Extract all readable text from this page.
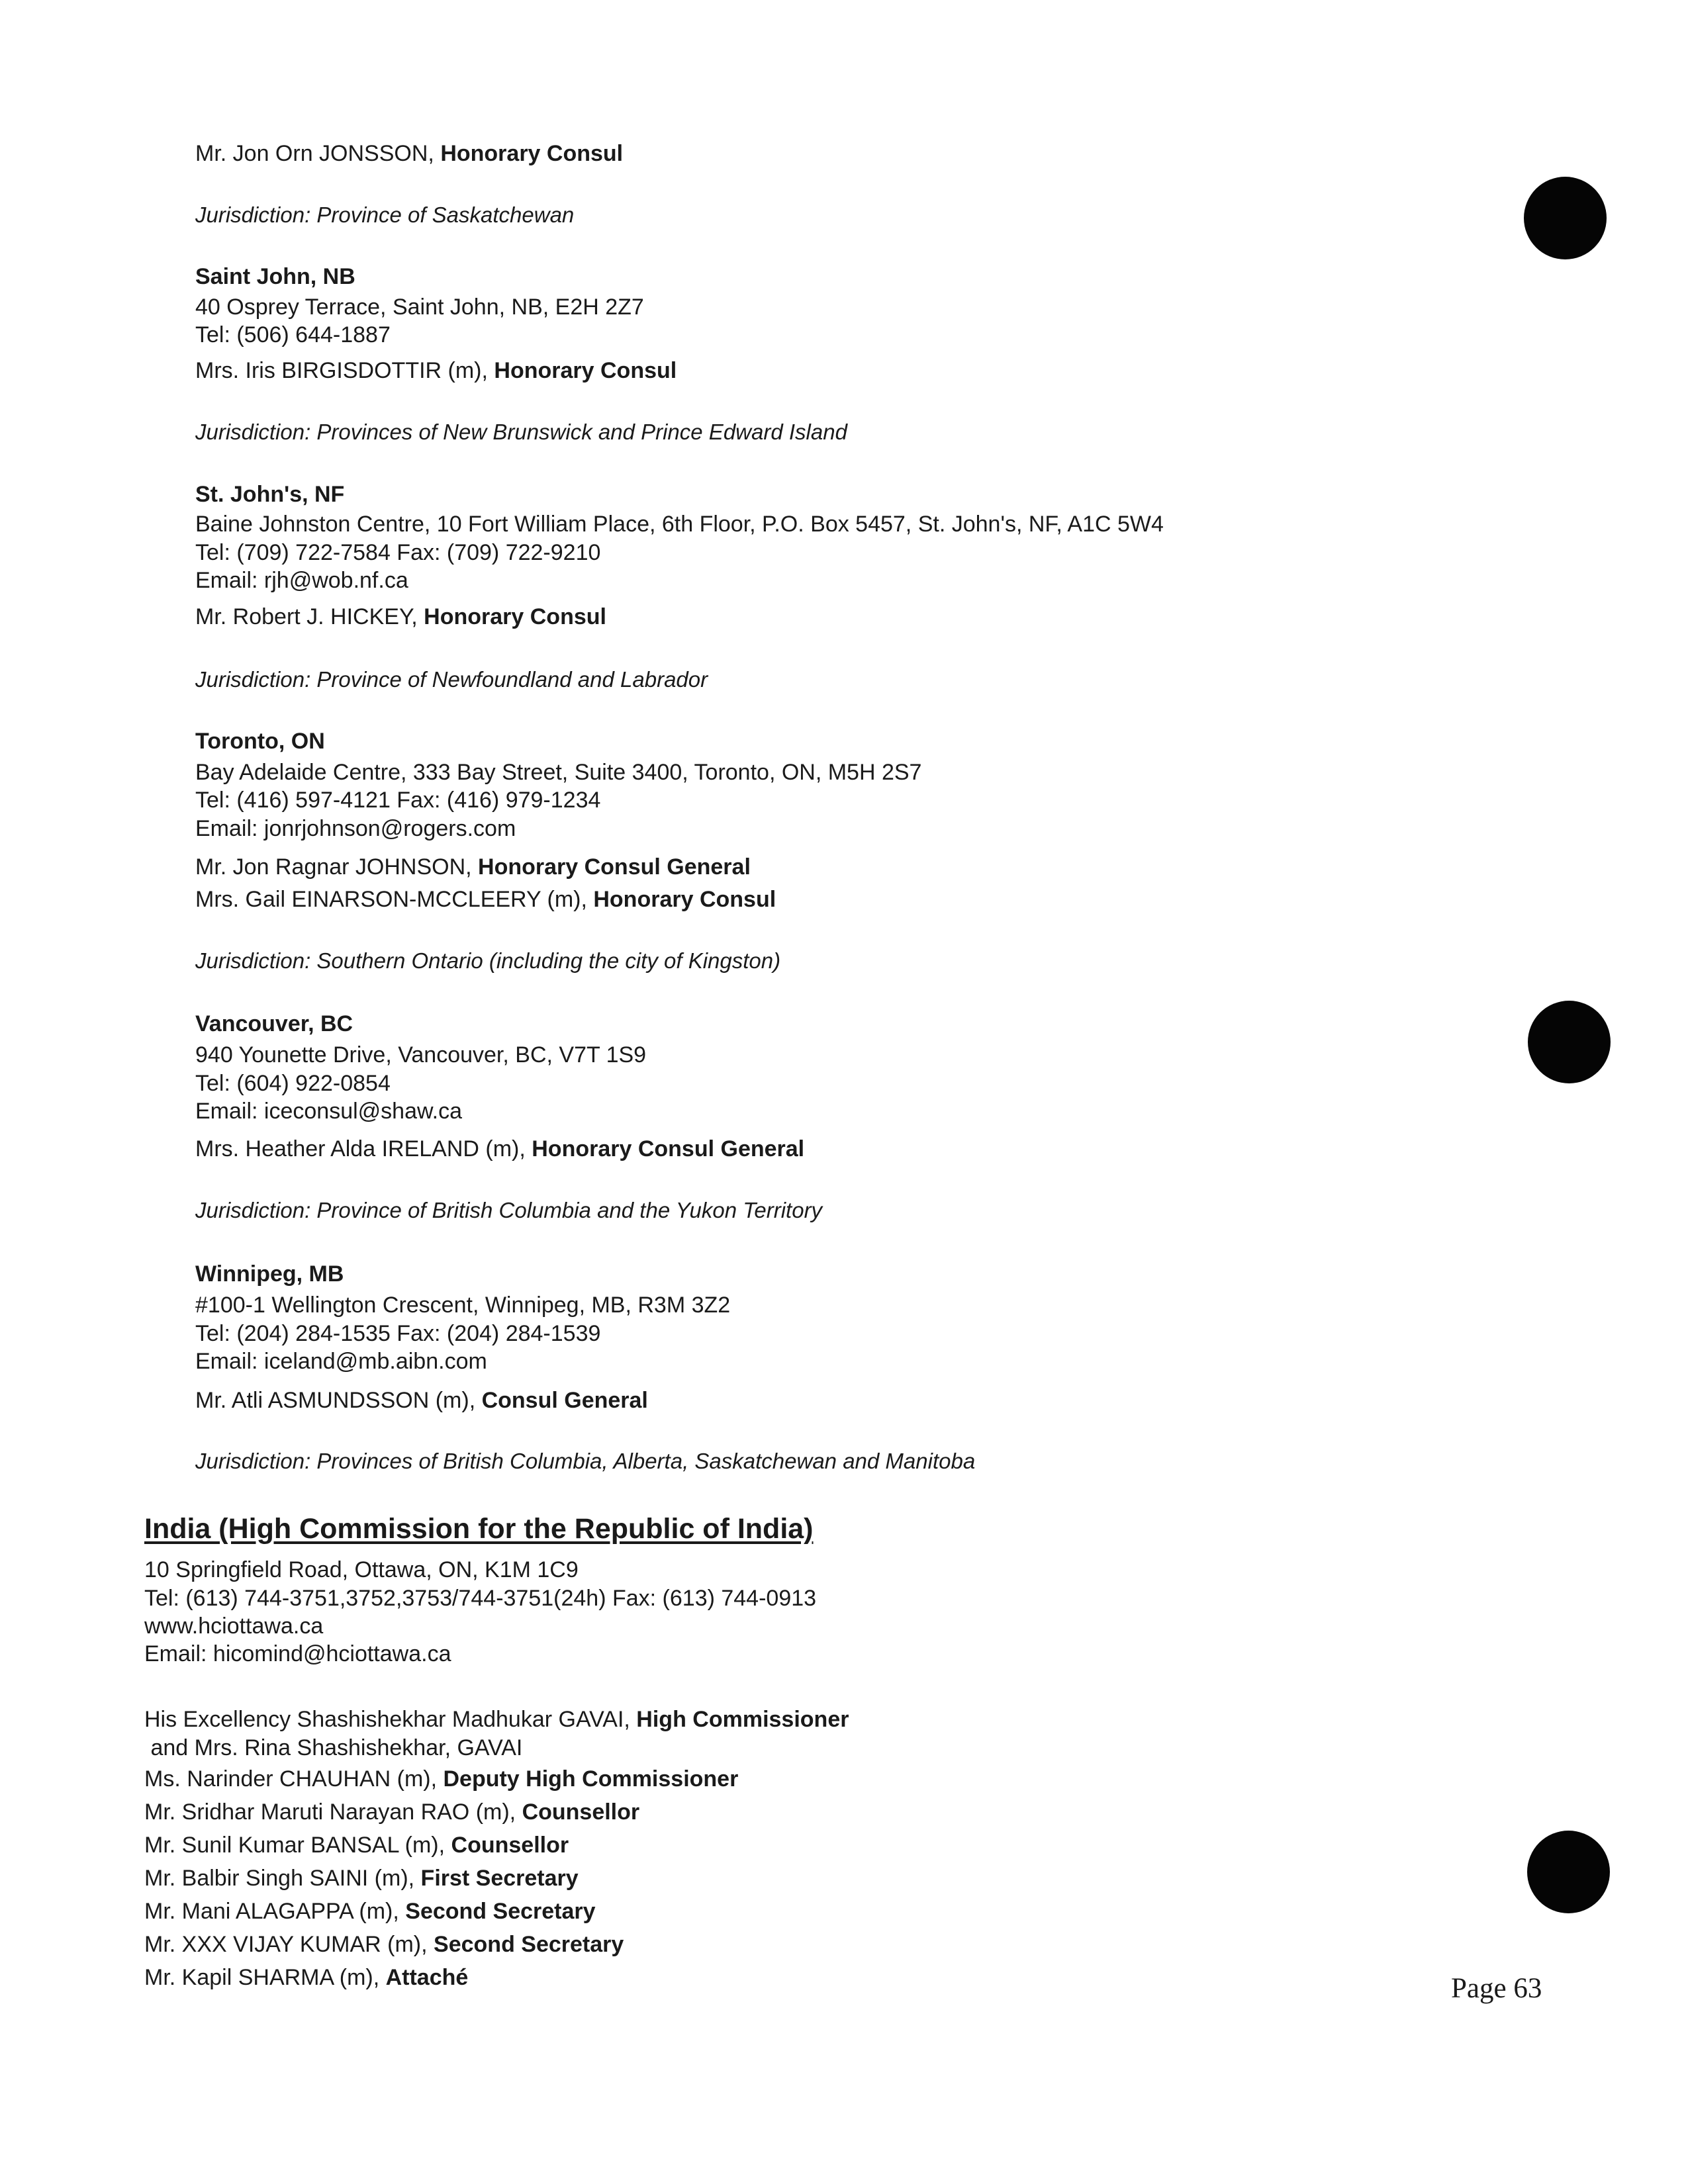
Mr. Jon Orn JONSSON, Honorary Consul
Jurisdiction: Province of Saskatchewan
Saint John, NB
40 Osprey Terrace, Saint John, NB, E2H 2Z7
Tel: (506) 644-1887
Mrs. Iris BIRGISDOTTIR (m), Honorary Consul
Jurisdiction: Provinces of New Brunswick and Prince Edward Island
St. John's, NF
Baine Johnston Centre, 10 Fort William Place, 6th Floor, P.O. Box 5457, St. John's, NF, A1C 5W4
Tel: (709) 722-7584 Fax: (709) 722-9210
Email: rjh@wob.nf.ca
Mr. Robert J. HICKEY, Honorary Consul
Jurisdiction: Province of Newfoundland and Labrador
Toronto, ON
Bay Adelaide Centre, 333 Bay Street, Suite 3400, Toronto, ON, M5H 2S7
Tel: (416) 597-4121 Fax: (416) 979-1234
Email: jonrjohnson@rogers.com
Mr. Jon Ragnar JOHNSON, Honorary Consul General
Mrs. Gail EINARSON-MCCLEERY (m), Honorary Consul
Jurisdiction: Southern Ontario (including the city of Kingston)
Vancouver, BC
940 Younette Drive, Vancouver, BC, V7T 1S9
Tel: (604) 922-0854
Email: iceconsul@shaw.ca
Mrs. Heather Alda IRELAND (m), Honorary Consul General
Jurisdiction: Province of British Columbia and the Yukon Territory
Winnipeg, MB
#100-1 Wellington Crescent, Winnipeg, MB, R3M 3Z2
Tel: (204) 284-1535 Fax: (204) 284-1539
Email: iceland@mb.aibn.com
Mr. Atli ASMUNDSSON (m), Consul General
Jurisdiction: Provinces of British Columbia, Alberta, Saskatchewan and Manitoba
India (High Commission for the Republic of India)
10 Springfield Road, Ottawa, ON, K1M 1C9
Tel: (613) 744-3751,3752,3753/744-3751(24h) Fax: (613) 744-0913
www.hciottawa.ca
Email: hicomind@hciottawa.ca
His Excellency Shashishekhar Madhukar GAVAI, High Commissioner
and Mrs. Rina Shashishekhar, GAVAI
Ms. Narinder CHAUHAN (m), Deputy High Commissioner
Mr. Sridhar Maruti Narayan RAO (m), Counsellor
Mr. Sunil Kumar BANSAL (m), Counsellor
Mr. Balbir Singh SAINI (m), First Secretary
Mr. Mani ALAGAPPA (m), Second Secretary
Mr. XXX VIJAY KUMAR (m), Second Secretary
Mr. Kapil SHARMA (m), Attaché	Page 63
